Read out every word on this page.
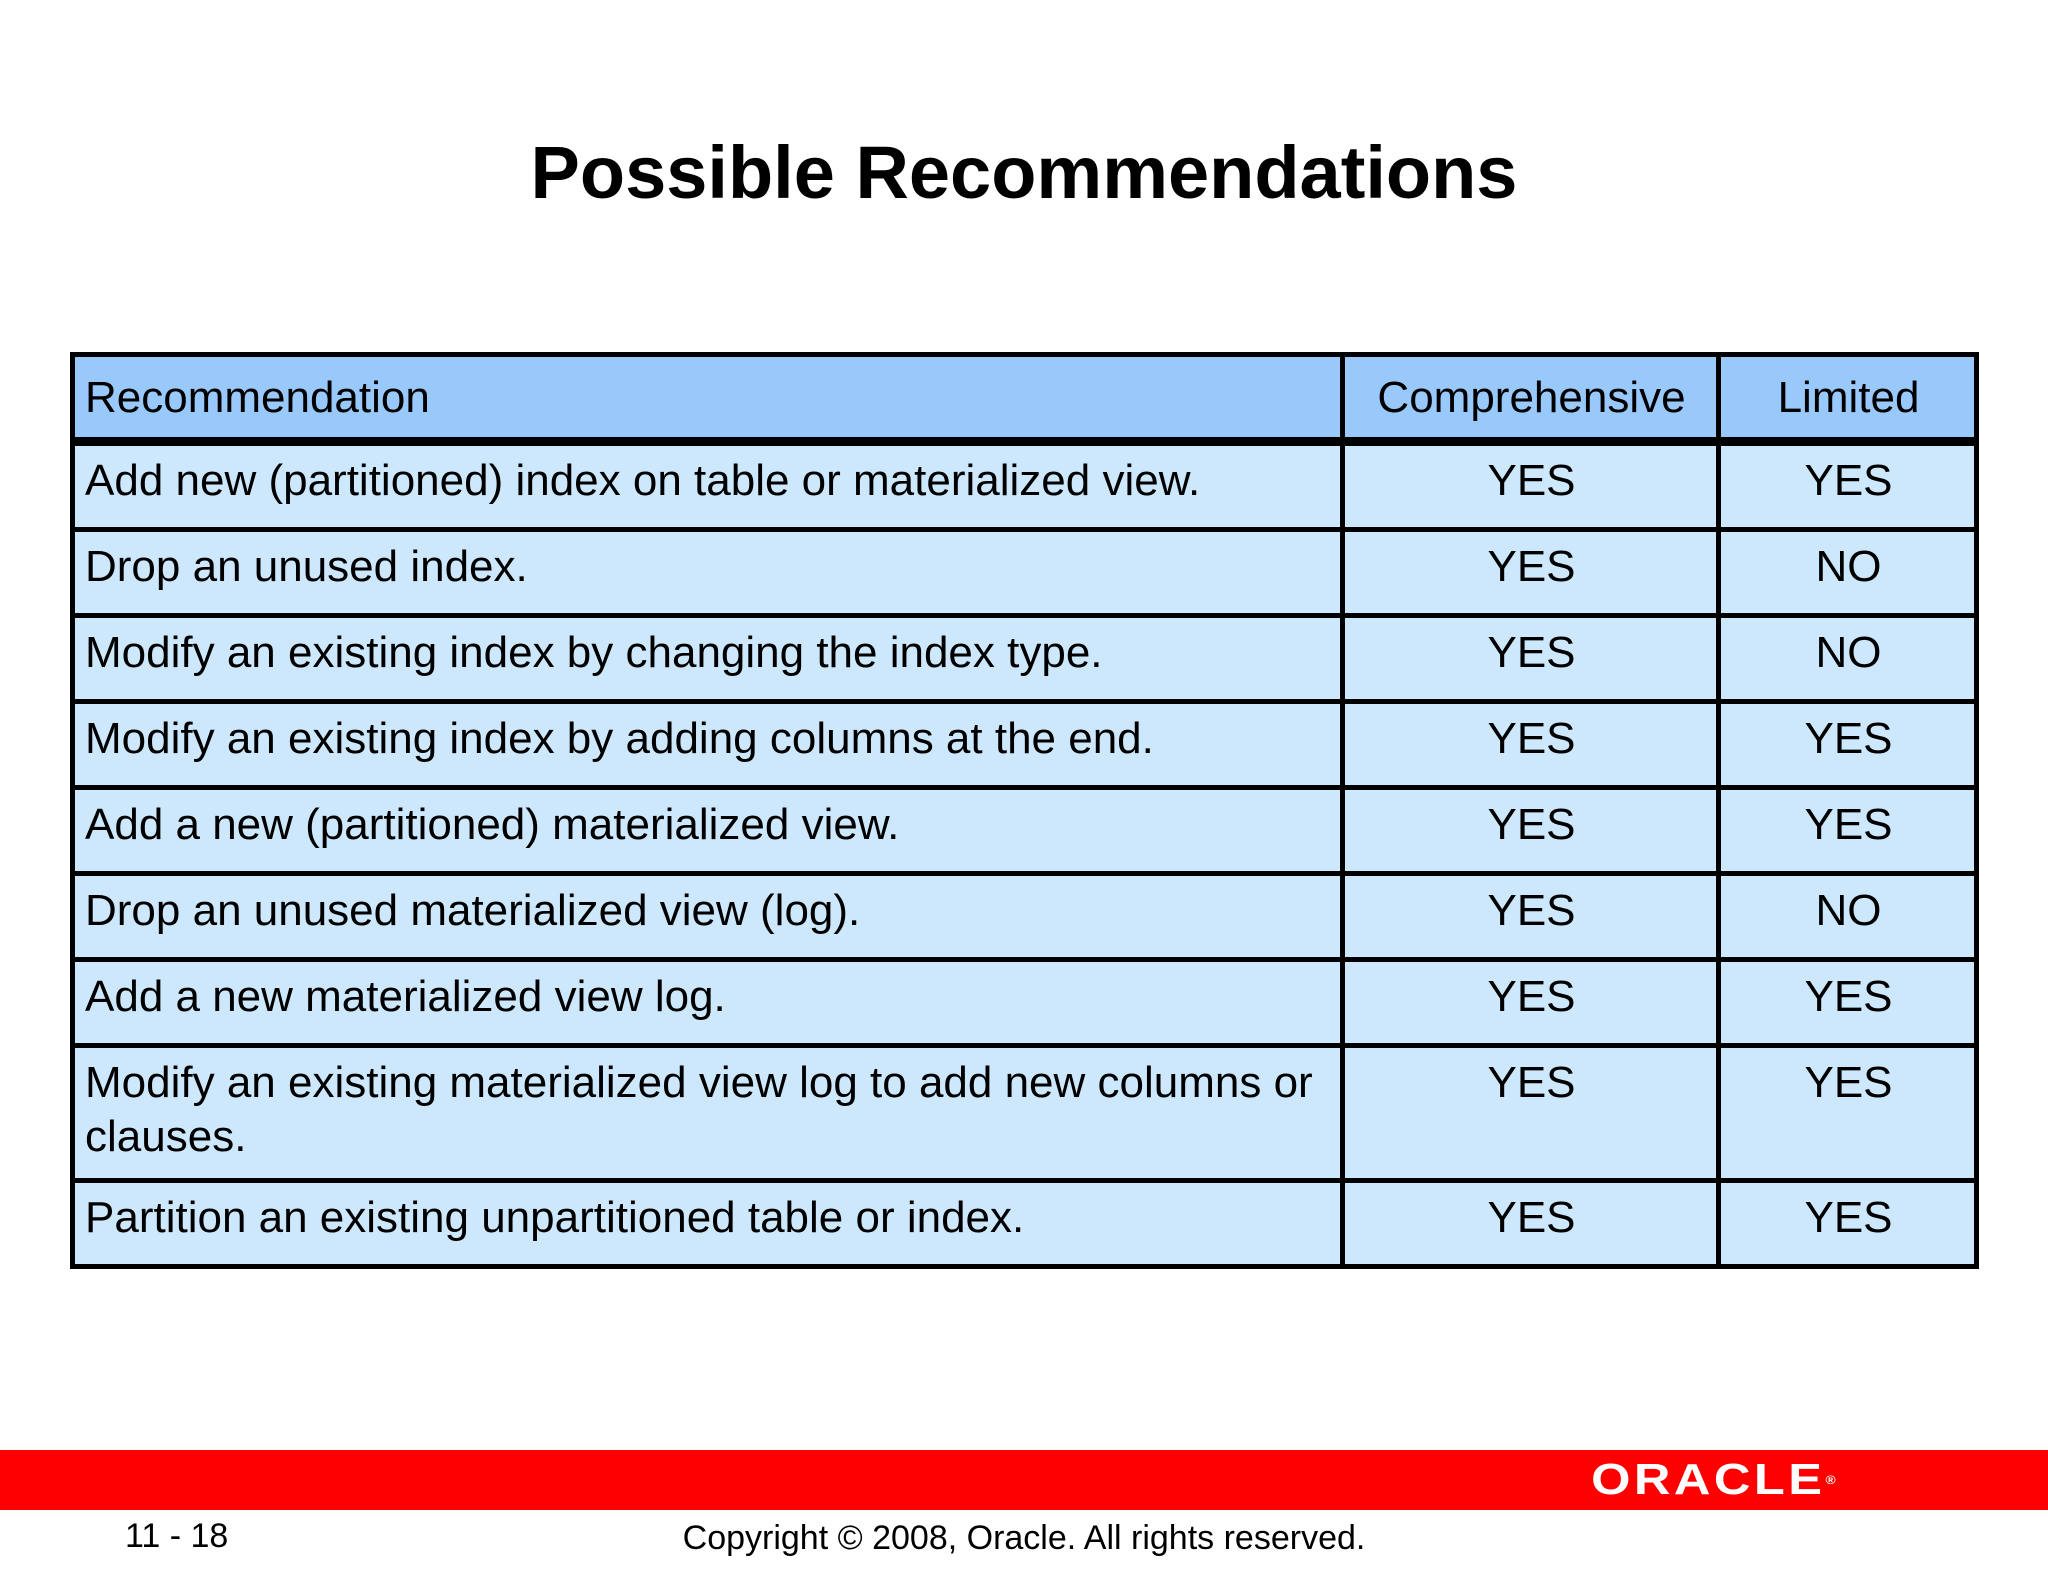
Possible Recommendations
Recommendation	Comprehensive	Limited
Add new (partitioned) index on table or materialized view.	YES	YES
Drop an unused index.	YES	NO
Modify an existing index by changing the index type.	YES	NO
Modify an existing index by adding columns at the end.	YES	YES
Add a new (partitioned) materialized view.	YES	YES
Drop an unused materialized view (log).	YES	NO
Add a new materialized view log.	YES	YES
Modify an existing materialized view log to add new columns or clauses.	YES	YES
Partition an existing unpartitioned table or index.	YES	YES
ORACLE®
11 - 18	Copyright © 2008, Oracle. All rights reserved.
